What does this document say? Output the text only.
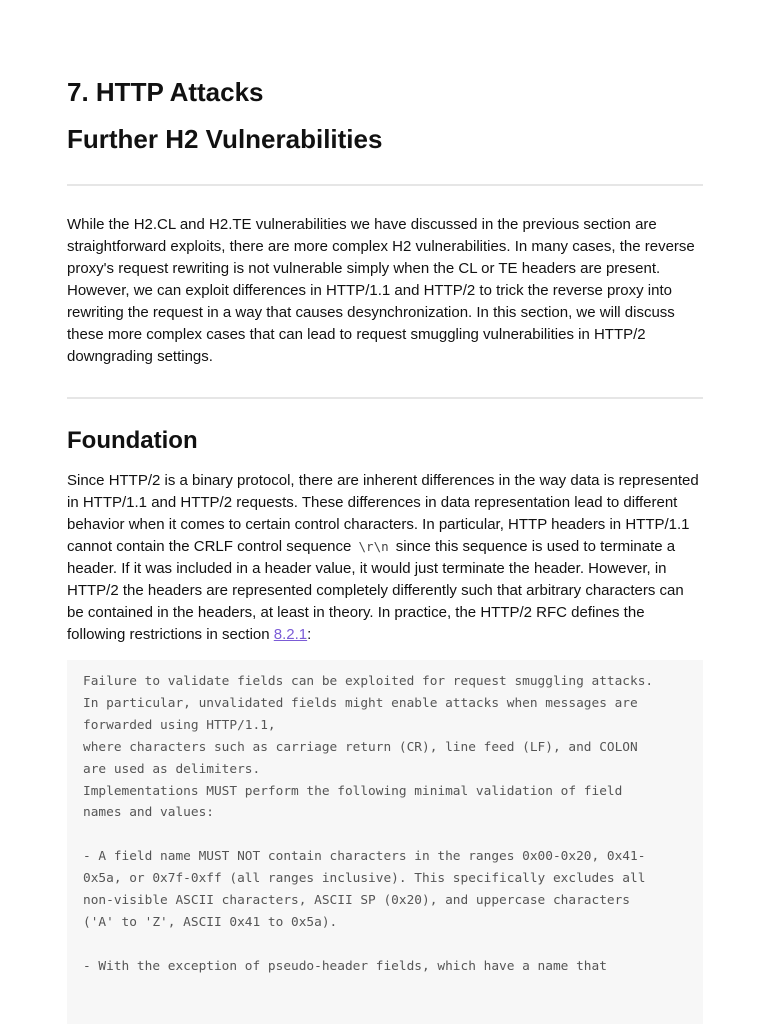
7. HTTP Attacks
Further H2 Vulnerabilities

While the H2.CL and H2.TE vulnerabilities we have discussed in the previous section are straightforward exploits, there are more complex H2 vulnerabilities. In many cases, the reverse proxy's request rewriting is not vulnerable simply when the CL or TE headers are present. However, we can exploit differences in HTTP/1.1 and HTTP/2 to trick the reverse proxy into rewriting the request in a way that causes desynchronization. In this section, we will discuss these more complex cases that can lead to request smuggling vulnerabilities in HTTP/2 downgrading settings.

Foundation

Since HTTP/2 is a binary protocol, there are inherent differences in the way data is represented in HTTP/1.1 and HTTP/2 requests. These differences in data representation lead to different behavior when it comes to certain control characters. In particular, HTTP headers in HTTP/1.1 cannot contain the CRLF control sequence \r\n since this sequence is used to terminate a header. If it was included in a header value, it would just terminate the header. However, in HTTP/2 the headers are represented completely differently such that arbitrary characters can be contained in the headers, at least in theory. In practice, the HTTP/2 RFC defines the following restrictions in section 8.2.1:

Failure to validate fields can be exploited for request smuggling attacks.
In particular, unvalidated fields might enable attacks when messages are
forwarded using HTTP/1.1,
where characters such as carriage return (CR), line feed (LF), and COLON
are used as delimiters.
Implementations MUST perform the following minimal validation of field
names and values:

- A field name MUST NOT contain characters in the ranges 0x00-0x20, 0x41-
0x5a, or 0x7f-0xff (all ranges inclusive). This specifically excludes all
non-visible ASCII characters, ASCII SP (0x20), and uppercase characters
('A' to 'Z', ASCII 0x41 to 0x5a).

- With the exception of pseudo-header fields, which have a name that
